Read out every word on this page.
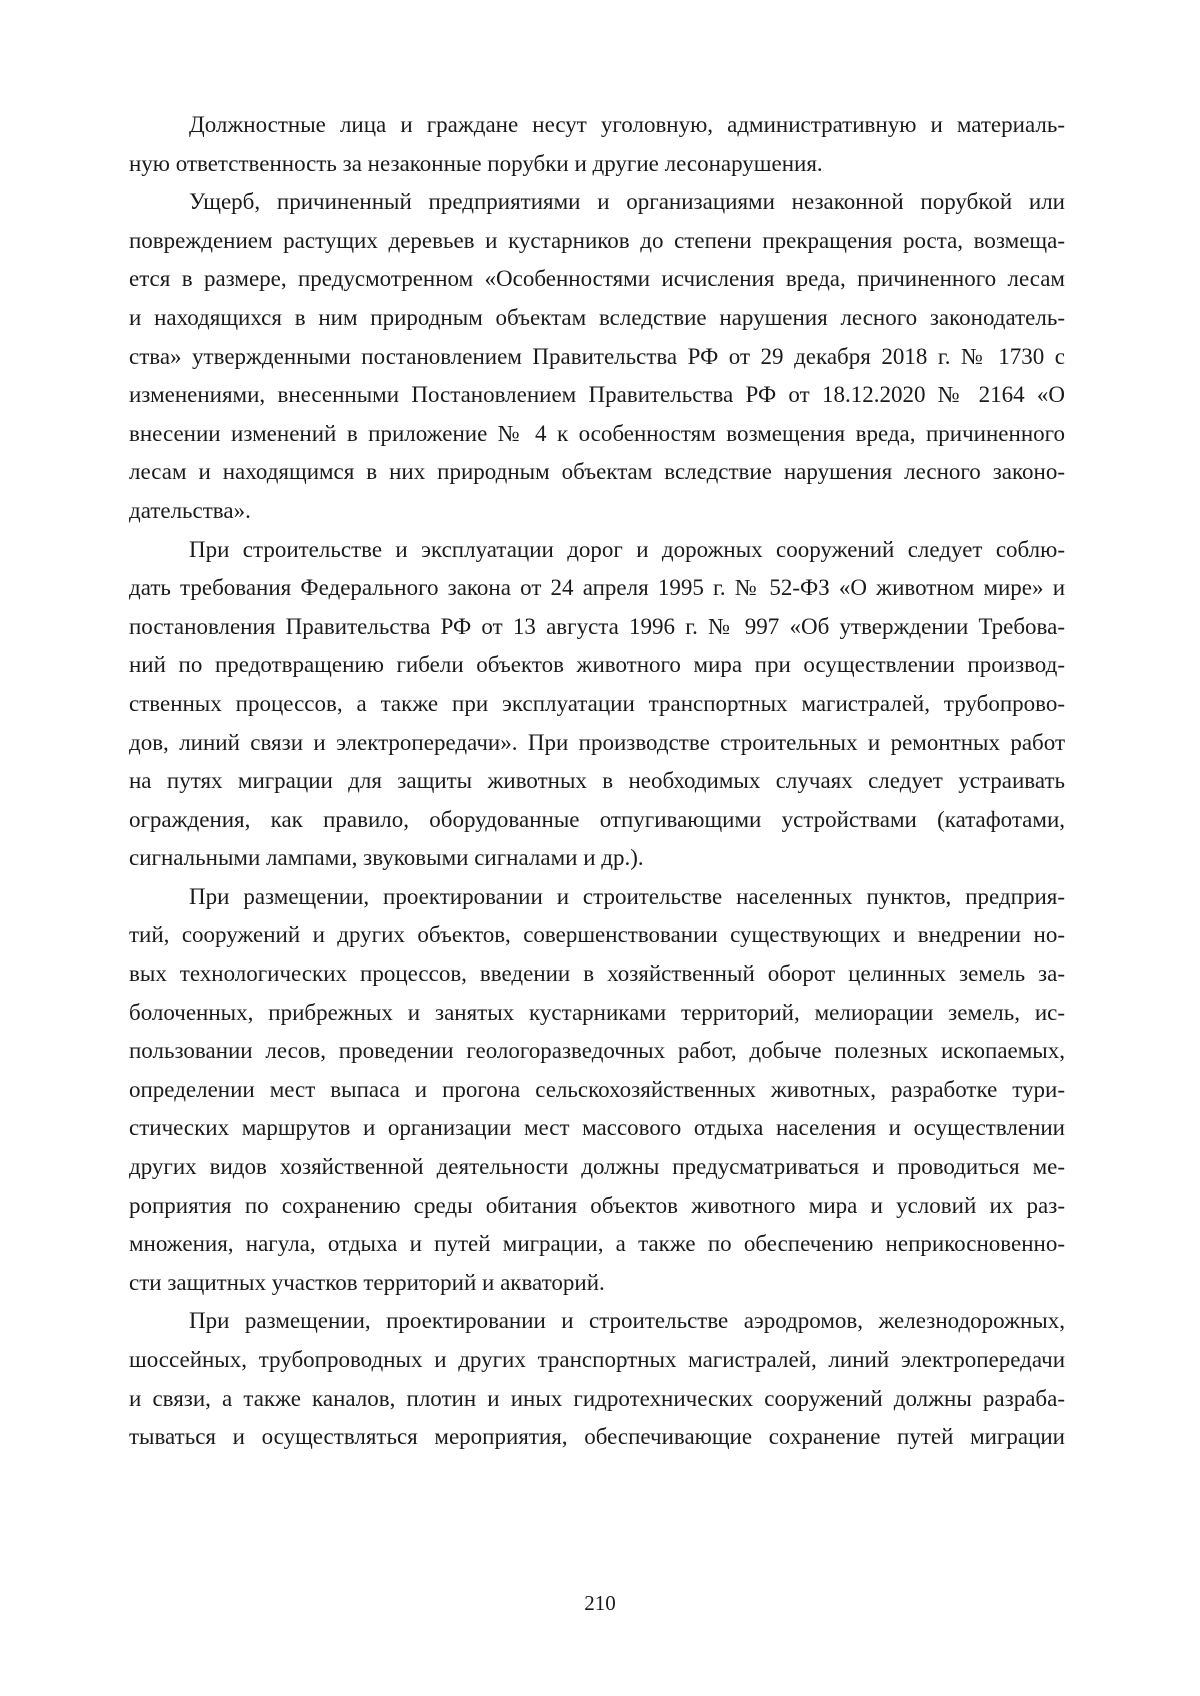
Должностные лица и граждане несут уголовную, административную и материаль-
ную ответственность за незаконные порубки и другие лесонарушения.
Ущерб, причиненный предприятиями и организациями незаконной порубкой или
повреждением растущих деревьев и кустарников до степени прекращения роста, возмеща-
ется в размере, предусмотренном «Особенностями исчисления вреда, причиненного лесам
и находящихся в ним природным объектам вследствие нарушения лесного законодатель-
ства» утвержденными постановлением Правительства РФ от 29 декабря 2018 г. № 1730 с
изменениями, внесенными Постановлением Правительства РФ от 18.12.2020 № 2164 «О
внесении изменений в приложение № 4 к особенностям возмещения вреда, причиненного
лесам и находящимся в них природным объектам вследствие нарушения лесного законо-
дательства».
При строительстве и эксплуатации дорог и дорожных сооружений следует соблю-
дать требования Федерального закона от 24 апреля 1995 г. № 52-ФЗ «О животном мире» и
постановления Правительства РФ от 13 августа 1996 г. № 997 «Об утверждении Требова-
ний по предотвращению гибели объектов животного мира при осуществлении производ-
ственных процессов, а также при эксплуатации транспортных магистралей, трубопрово-
дов, линий связи и электропередачи». При производстве строительных и ремонтных работ
на путях миграции для защиты животных в необходимых случаях следует устраивать
ограждения, как правило, оборудованные отпугивающими устройствами (катафотами,
сигнальными лампами, звуковыми сигналами и др.).
При размещении, проектировании и строительстве населенных пунктов, предприя-
тий, сооружений и других объектов, совершенствовании существующих и внедрении но-
вых технологических процессов, введении в хозяйственный оборот целинных земель за-
болоченных, прибрежных и занятых кустарниками территорий, мелиорации земель, ис-
пользовании лесов, проведении геологоразведочных работ, добыче полезных ископаемых,
определении мест выпаса и прогона сельскохозяйственных животных, разработке тури-
стических маршрутов и организации мест массового отдыха населения и осуществлении
других видов хозяйственной деятельности должны предусматриваться и проводиться ме-
роприятия по сохранению среды обитания объектов животного мира и условий их раз-
множения, нагула, отдыха и путей миграции, а также по обеспечению неприкосновенно-
сти защитных участков территорий и акваторий.
При размещении, проектировании и строительстве аэродромов, железнодорожных,
шоссейных, трубопроводных и других транспортных магистралей, линий электропередачи
и связи, а также каналов, плотин и иных гидротехнических сооружений должны разраба-
тываться и осуществляться мероприятия, обеспечивающие сохранение путей миграции
210
